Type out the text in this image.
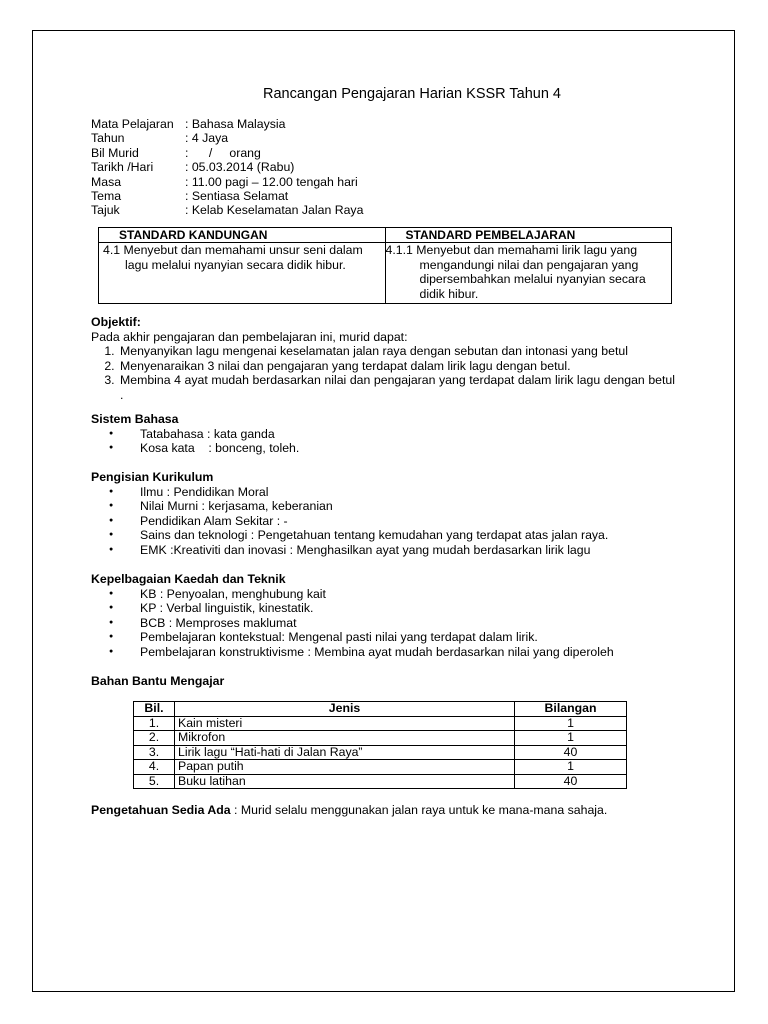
Rancangan Pengajaran Harian KSSR Tahun 4
Mata Pelajaran : Bahasa Malaysia
Tahun	: 4 Jaya
Bil Murid	:      /     orang
Tarikh /Hari	: 05.03.2014 (Rabu)
Masa	: 11.00 pagi – 12.00 tengah hari
Tema	: Sentiasa Selamat
Tajuk	: Kelab Keselamatan Jalan Raya
STANDARD KANDUNGAN	STANDARD PEMBELAJARAN

4.1 Menyebut dan memahami unsur seni dalam lagu melalui nyanyian secara didik hibur.	4.1.1 Menyebut dan memahami lirik lagu yang mengandungi nilai dan pengajaran yang dipersembahkan melalui nyanyian secara didik hibur.
Objektif:
Pada akhir pengajaran dan pembelajaran ini, murid dapat:
1. Menyanyikan lagu mengenai keselamatan jalan raya dengan sebutan dan intonasi yang betul
2. Menyenaraikan 3 nilai dan pengajaran yang terdapat dalam lirik lagu dengan betul.
3. Membina 4 ayat mudah berdasarkan nilai dan pengajaran yang terdapat dalam lirik lagu dengan betul .
Sistem Bahasa
● Tatabahasa : kata ganda
● Kosa kata    : bonceng, toleh.
Pengisian Kurikulum
● Ilmu : Pendidikan Moral
● Nilai Murni : kerjasama, keberanian
● Pendidikan Alam Sekitar : -
● Sains dan teknologi : Pengetahuan tentang kemudahan yang terdapat atas jalan raya.
● EMK :Kreativiti dan inovasi : Menghasilkan ayat yang mudah berdasarkan lirik lagu
Kepelbagaian Kaedah dan Teknik
● KB : Penyoalan, menghubung kait
● KP : Verbal linguistik, kinestatik.
● BCB : Memproses maklumat
● Pembelajaran kontekstual: Mengenal pasti nilai yang terdapat dalam lirik.
● Pembelajaran konstruktivisme : Membina ayat mudah berdasarkan nilai yang diperoleh
Bahan Bantu Mengajar
Bil.	Jenis	Bilangan
1.	Kain misteri	1
2.	Mikrofon	1
3.	Lirik lagu “Hati-hati di Jalan Raya”	40
4.	Papan putih	1
5.	Buku latihan	40
Pengetahuan Sedia Ada : Murid selalu menggunakan jalan raya untuk ke mana-mana sahaja.
